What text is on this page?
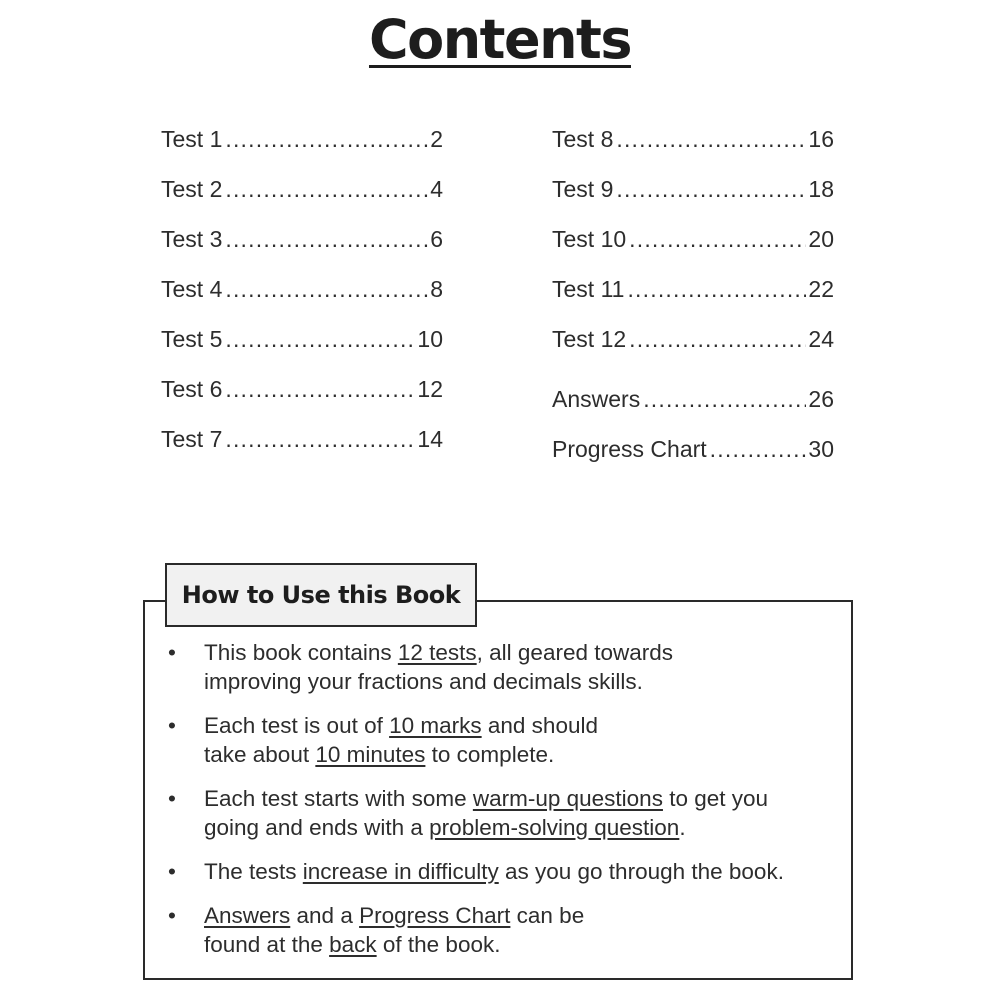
Contents
Test 1 .....	2
Test 2 .....	4
Test 3 .....	6
Test 4 .....	8
Test 5 .....	10
Test 6 .....	12
Test 7 .....	14
Test 8 .....	16
Test 9 .....	18
Test 10 .....	20
Test 11 .....	22
Test 12 .....	24
Answers .....	26
Progress Chart .....	30
How to Use this Book
•	This book contains 12 tests, all geared towards
improving your fractions and decimals skills.
•	Each test is out of 10 marks and should
take about 10 minutes to complete.
•	Each test starts with some warm-up questions to get you
going and ends with a problem-solving question.
•	The tests increase in difficulty as you go through the book.
•	Answers and a Progress Chart can be
found at the back of the book.
